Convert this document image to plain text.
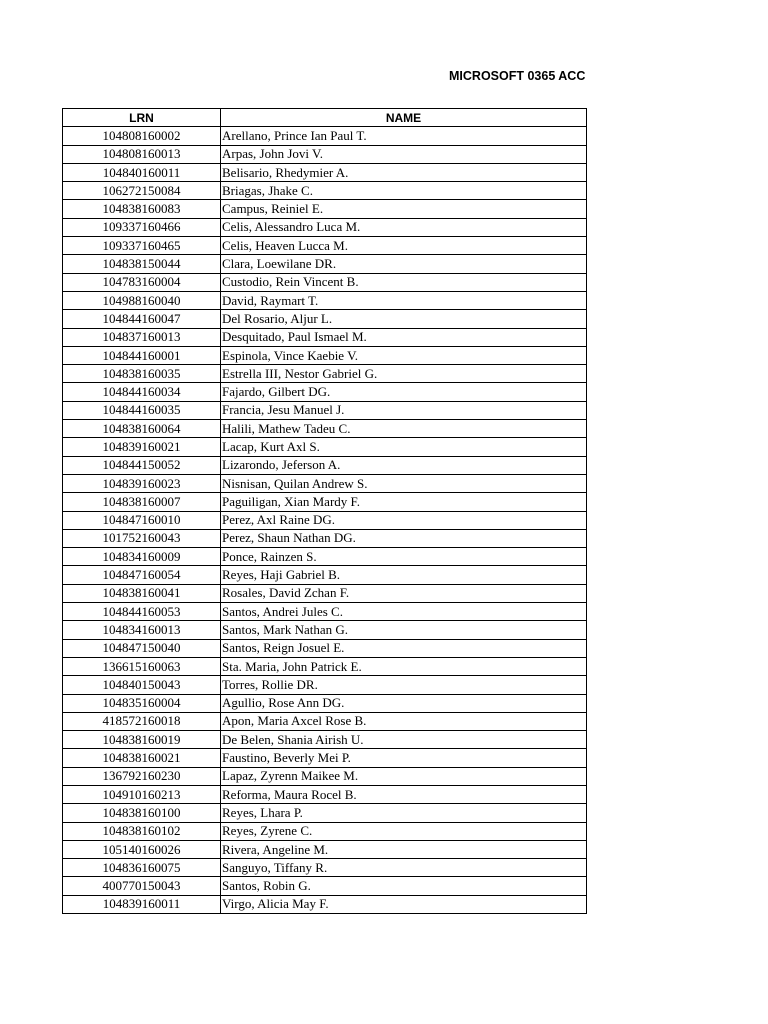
MICROSOFT 0365 ACC
LRN	NAME
104808160002	Arellano, Prince Ian Paul T.
104808160013	Arpas, John Jovi V.
104840160011	Belisario, Rhedymier A.
106272150084	Briagas, Jhake C.
104838160083	Campus, Reiniel E.
109337160466	Celis, Alessandro Luca M.
109337160465	Celis, Heaven Lucca M.
104838150044	Clara, Loewilane DR.
104783160004	Custodio, Rein Vincent B.
104988160040	David, Raymart T.
104844160047	Del Rosario, Aljur L.
104837160013	Desquitado, Paul Ismael M.
104844160001	Espinola, Vince Kaebie V.
104838160035	Estrella III, Nestor Gabriel G.
104844160034	Fajardo, Gilbert DG.
104844160035	Francia, Jesu Manuel J.
104838160064	Halili, Mathew Tadeu C.
104839160021	Lacap, Kurt Axl S.
104844150052	Lizarondo, Jeferson A.
104839160023	Nisnisan, Quilan Andrew S.
104838160007	Paguiligan, Xian Mardy F.
104847160010	Perez, Axl Raine DG.
101752160043	Perez, Shaun Nathan DG.
104834160009	Ponce, Rainzen S.
104847160054	Reyes, Haji Gabriel B.
104838160041	Rosales, David Zchan F.
104844160053	Santos, Andrei Jules C.
104834160013	Santos, Mark Nathan G.
104847150040	Santos, Reign Josuel E.
136615160063	Sta. Maria, John Patrick E.
104840150043	Torres, Rollie DR.
104835160004	Agullio, Rose Ann DG.
418572160018	Apon, Maria Axcel Rose B.
104838160019	De Belen, Shania Airish U.
104838160021	Faustino, Beverly Mei P.
136792160230	Lapaz, Zyrenn Maikee M.
104910160213	Reforma, Maura Rocel B.
104838160100	Reyes, Lhara P.
104838160102	Reyes, Zyrene C.
105140160026	Rivera, Angeline M.
104836160075	Sanguyo, Tiffany R.
400770150043	Santos, Robin G.
104839160011	Virgo, Alicia May F.
